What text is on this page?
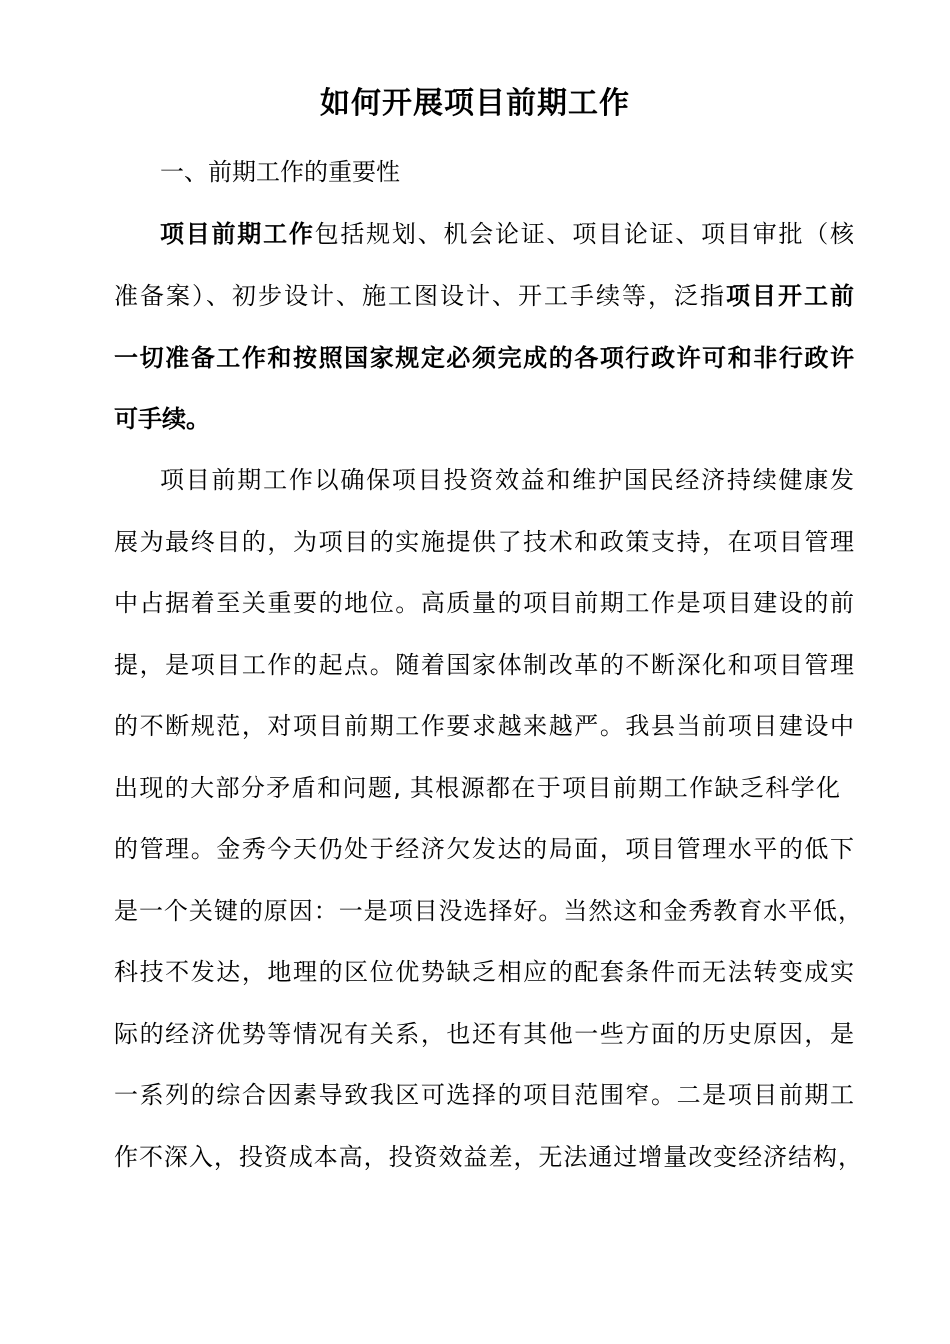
如何开展项目前期工作
一、前期工作的重要性
项目前期工作包括规划、机会论证、项目论证、项目审批（核
准备案）、初步设计、施工图设计、开工手续等，泛指项目开工前
一切准备工作和按照国家规定必须完成的各项行政许可和非行政许
可手续。
项目前期工作以确保项目投资效益和维护国民经济持续健康发
展为最终目的，为项目的实施提供了技术和政策支持，在项目管理
中占据着至关重要的地位。高质量的项目前期工作是项目建设的前
提，是项目工作的起点。随着国家体制改革的不断深化和项目管理
的不断规范，对项目前期工作要求越来越严。我县当前项目建设中
出现的大部分矛盾和问题, 其根源都在于项目前期工作缺乏科学化
的管理。金秀今天仍处于经济欠发达的局面，项目管理水平的低下
是一个关键的原因：一是项目没选择好。当然这和金秀教育水平低，
科技不发达，地理的区位优势缺乏相应的配套条件而无法转变成实
际的经济优势等情况有关系，也还有其他一些方面的历史原因，是
一系列的综合因素导致我区可选择的项目范围窄。二是项目前期工
作不深入，投资成本高，投资效益差，无法通过增量改变经济结构，
